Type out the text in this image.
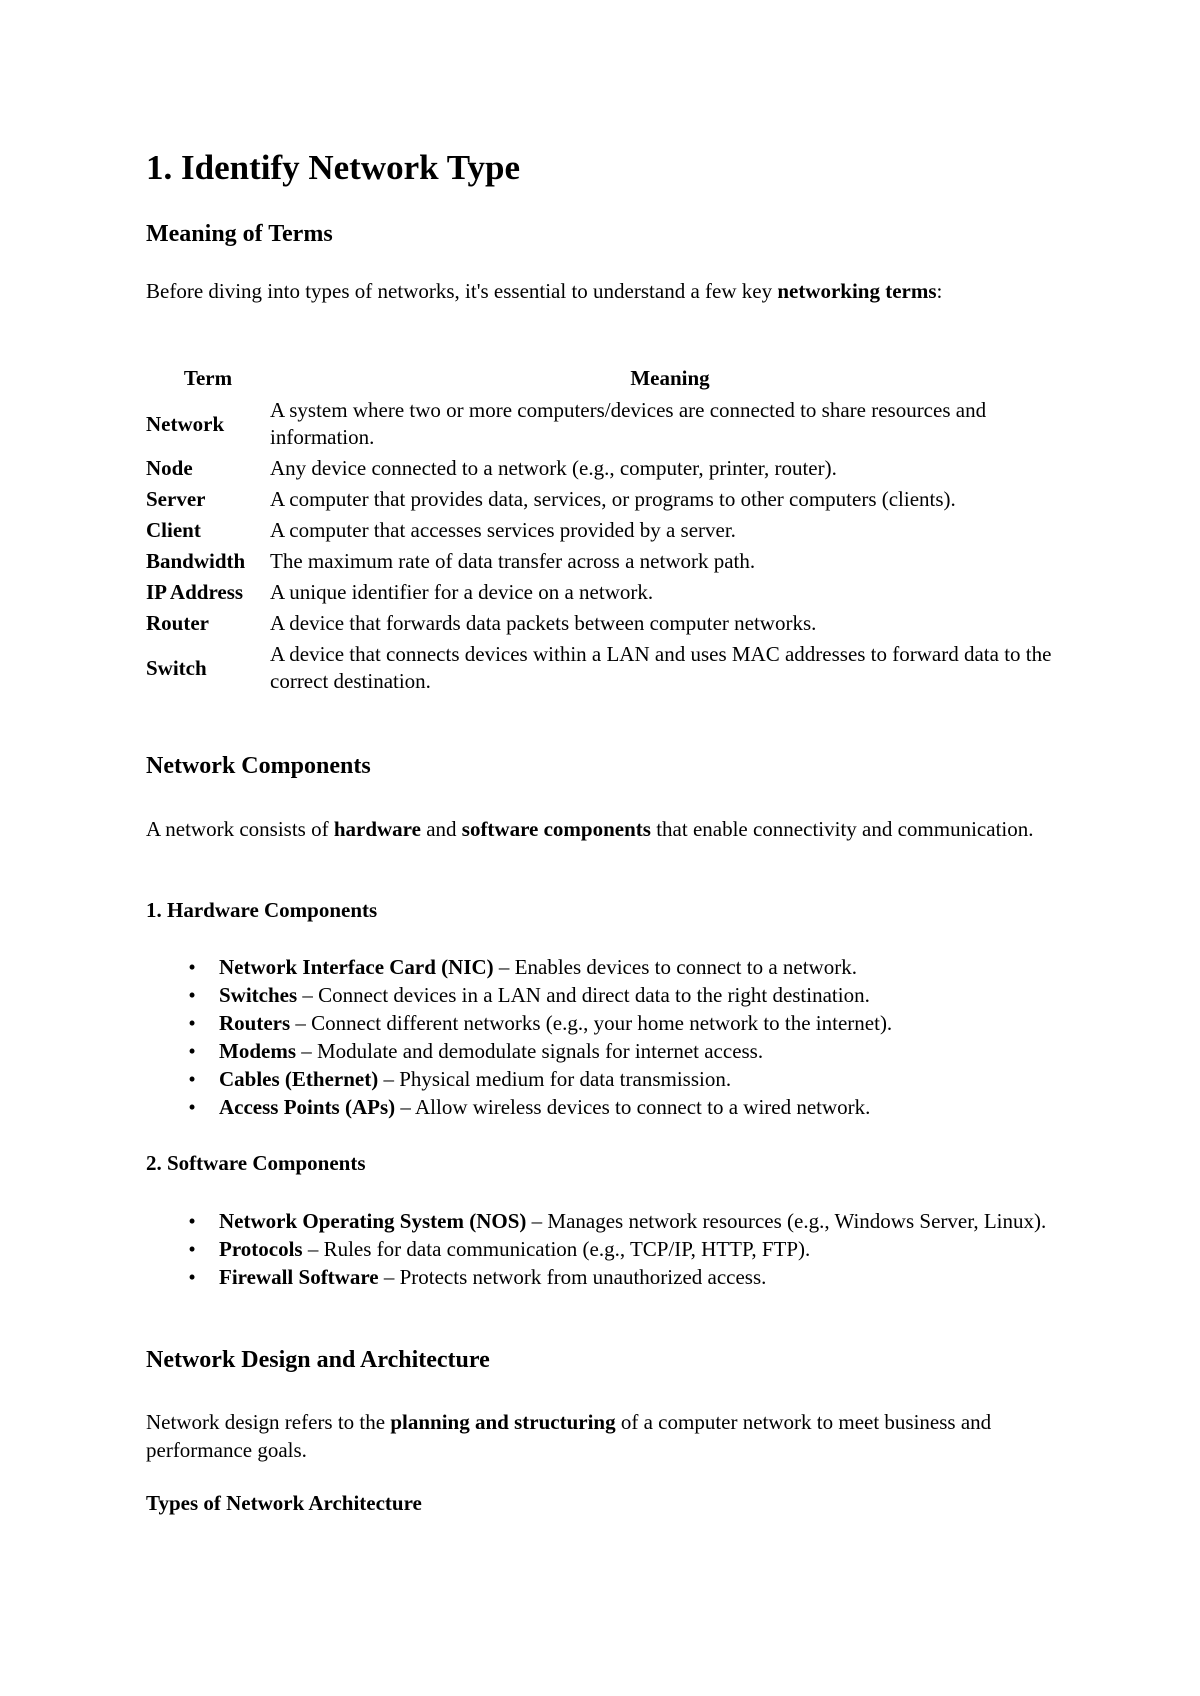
1. Identify Network Type
Meaning of Terms

Before diving into types of networks, it's essential to understand a few key networking terms:

Term	Meaning
Network	A system where two or more computers/devices are connected to share resources and information.
Node	Any device connected to a network (e.g., computer, printer, router).
Server	A computer that provides data, services, or programs to other computers (clients).
Client	A computer that accesses services provided by a server.
Bandwidth	The maximum rate of data transfer across a network path.
IP Address	A unique identifier for a device on a network.
Router	A device that forwards data packets between computer networks.
Switch	A device that connects devices within a LAN and uses MAC addresses to forward data to the correct destination.
Network Components

A network consists of hardware and software components that enable connectivity and communication.

1. Hardware Components
• Network Interface Card (NIC) – Enables devices to connect to a network.
• Switches – Connect devices in a LAN and direct data to the right destination.
• Routers – Connect different networks (e.g., your home network to the internet).
• Modems – Modulate and demodulate signals for internet access.
• Cables (Ethernet) – Physical medium for data transmission.
• Access Points (APs) – Allow wireless devices to connect to a wired network.
2. Software Components
• Network Operating System (NOS) – Manages network resources (e.g., Windows Server, Linux).
• Protocols – Rules for data communication (e.g., TCP/IP, HTTP, FTP).
• Firewall Software – Protects network from unauthorized access.
Network Design and Architecture

Network design refers to the planning and structuring of a computer network to meet business and performance goals.

Types of Network Architecture
